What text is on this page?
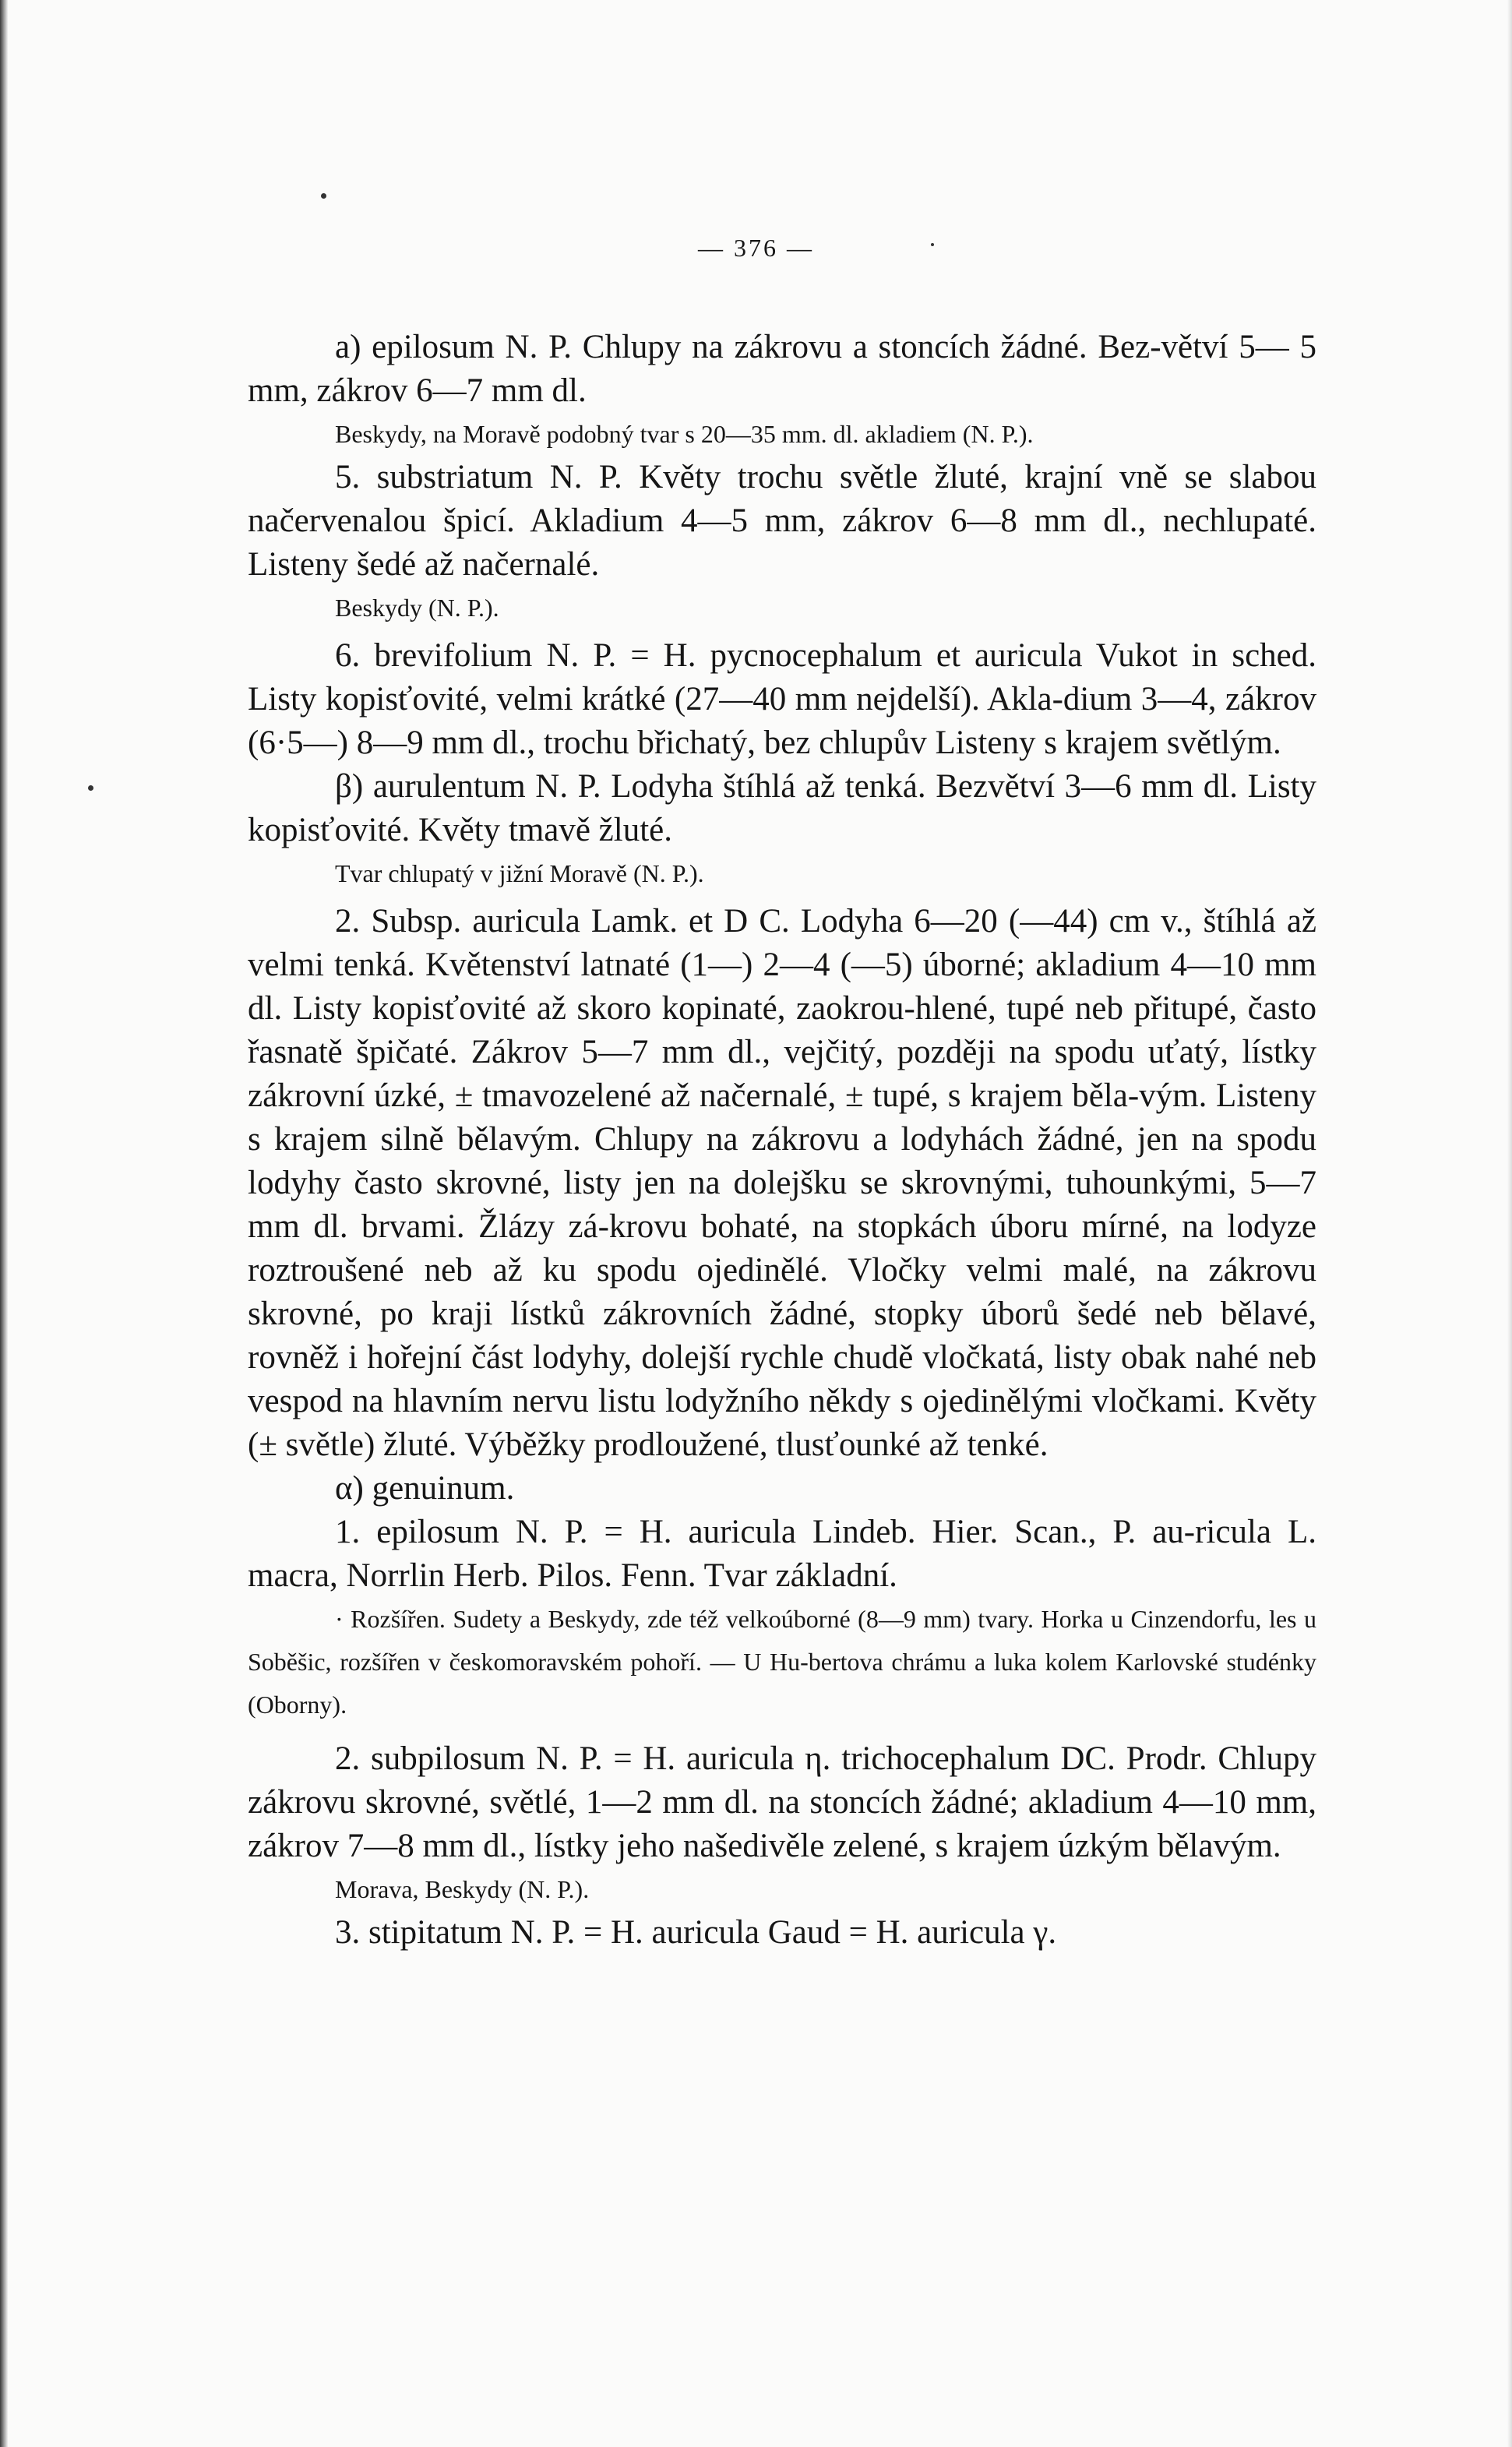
— 376 —

a) epilosum N. P. Chlupy na zákrovu a stoncích žádné. Bez-větví 5— 5 mm, zákrov 6—7 mm dl.

Beskydy, na Moravě podobný tvar s 20—35 mm. dl. akladiem (N. P.).

5. substriatum N. P. Květy trochu světle žluté, krajní vně se slabou načervenalou špicí. Akladium 4—5 mm, zákrov 6—8 mm dl., nechlupaté. Listeny šedé až načernalé.

Beskydy (N. P.).

6. brevifolium N. P. = H. pycnocephalum et auricula Vukot in sched. Listy kopisťovité, velmi krátké (27—40 mm nejdelší). Akla-dium 3—4, zákrov (6·5—) 8—9 mm dl., trochu břichatý, bez chlupův Listeny s krajem světlým.

β) aurulentum N. P. Lodyha štíhlá až tenká. Bezvětví 3—6 mm dl. Listy kopisťovité. Květy tmavě žluté.

Tvar chlupatý v jižní Moravě (N. P.).

2. Subsp. auricula Lamk. et D C. Lodyha 6—20 (—44) cm v., štíhlá až velmi tenká. Květenství latnaté (1—) 2—4 (—5) úborné; akladium 4—10 mm dl. Listy kopisťovité až skoro kopinaté, zaokrou-hlené, tupé neb přitupé, často řasnatě špičaté. Zákrov 5—7 mm dl., vejčitý, později na spodu uťatý, lístky zákrovní úzké, ± tmavozelené až načernalé, ± tupé, s krajem běla-vým. Listeny s krajem silně bělavým. Chlupy na zákrovu a lodyhách žádné, jen na spodu lodyhy často skrovné, listy jen na dolejšku se skrovnými, tuhounkými, 5—7 mm dl. brvami. Žlázy zá-krovu bohaté, na stopkách úboru mírné, na lodyze roztroušené neb až ku spodu ojedinělé. Vločky velmi malé, na zákrovu skrovné, po kraji lístků zákrovních žádné, stopky úborů šedé neb bělavé, rovněž i hořejní část lodyhy, dolejší rychle chudě vločkatá, listy obak nahé neb vespod na hlavním nervu listu lodyžního někdy s ojedinělými vločkami. Květy (± světle) žluté. Výběžky prodloužené, tlusťounké až tenké.

α) genuinum.

1. epilosum N. P. = H. auricula Lindeb. Hier. Scan., P. au-ricula L. macra, Norrlin Herb. Pilos. Fenn. Tvar základní.

· Rozšířen. Sudety a Beskydy, zde též velkoúborné (8—9 mm) tvary. Horka u Cinzendorfu, les u Soběšic, rozšířen v českomoravském pohoří. — U Hu-bertova chrámu a luka kolem Karlovské studénky (Oborny).

2. subpilosum N. P. = H. auricula η. trichocephalum DC. Prodr. Chlupy zákrovu skrovné, světlé, 1—2 mm dl. na stoncích žádné; akladium 4—10 mm, zákrov 7—8 mm dl., lístky jeho našedivěle zelené, s krajem úzkým bělavým.

Morava, Beskydy (N. P.).

3. stipitatum N. P. = H. auricula Gaud = H. auricula γ.
